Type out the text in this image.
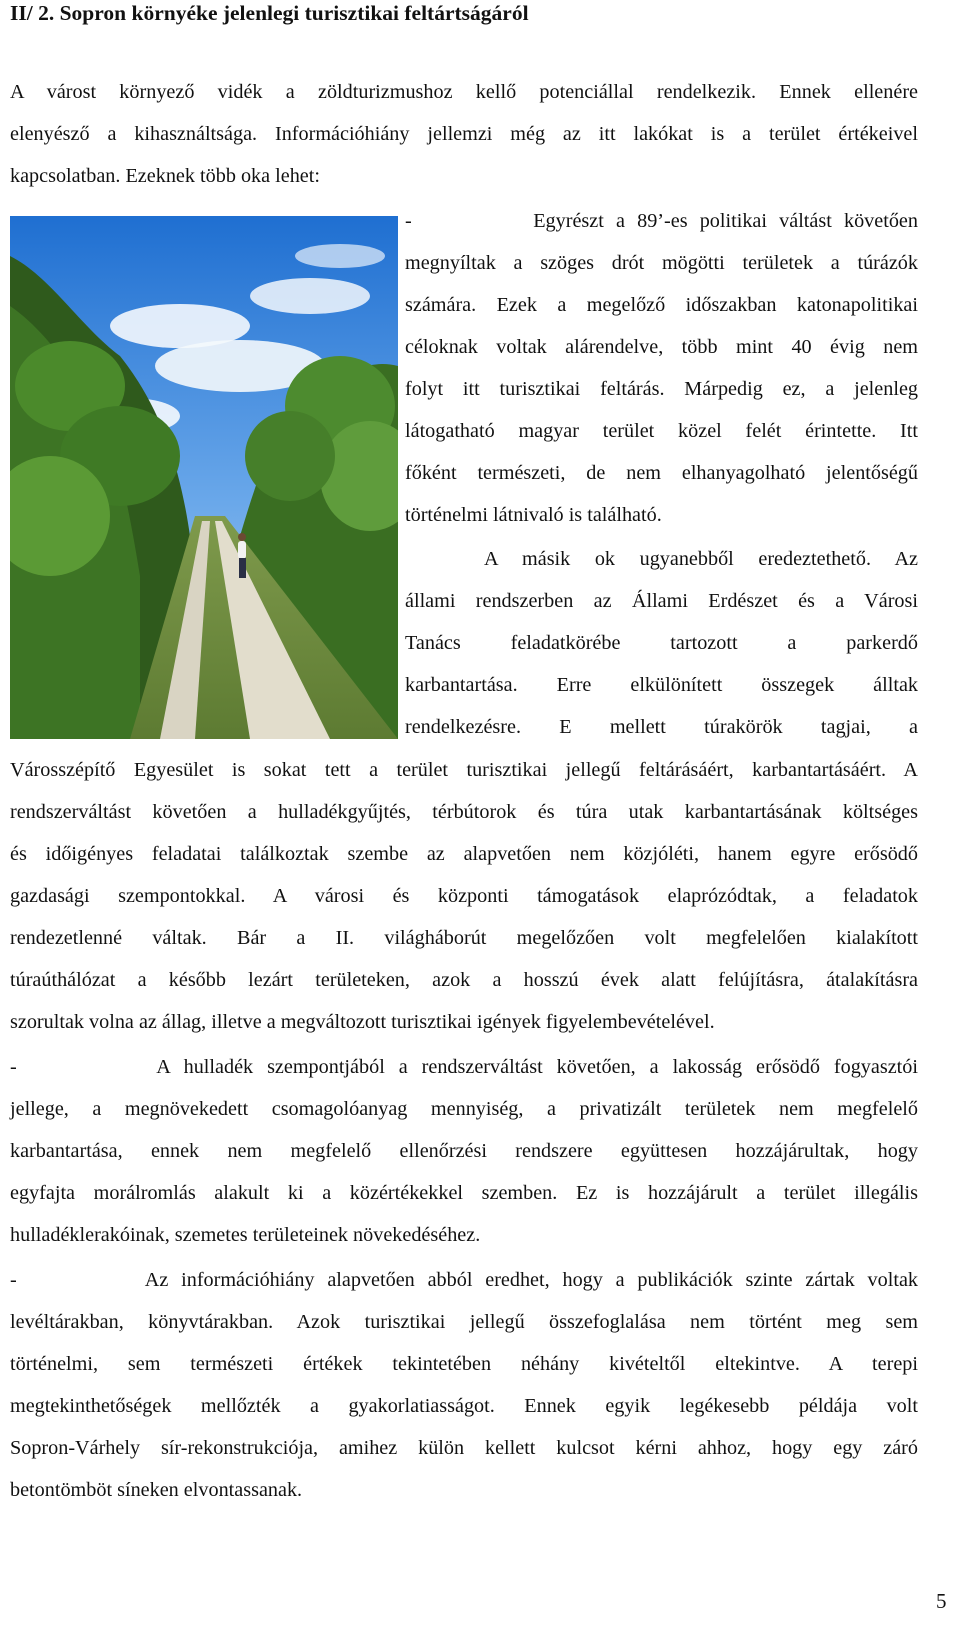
II/ 2. Sopron környéke jelenlegi turisztikai feltártságáról
A várost környező vidék a zöldturizmushoz kellő potenciállal rendelkezik. Ennek ellenére
elenyésző a kihasználtsága. Információhiány jellemzi még az itt lakókat is a terület értékeivel
kapcsolatban. Ezeknek több oka lehet:
-          Egyrészt a 89’-es politikai váltást követően
megnyíltak a szöges drót mögötti területek a túrázók
számára. Ezek a megelőző időszakban katonapolitikai
céloknak voltak alárendelve, több mint 40 évig nem
folyt itt turisztikai feltárás. Márpedig ez, a jelenleg
látogatható magyar terület közel felét érintette. Itt
főként természeti, de nem elhanyagolható jelentőségű
történelmi látnivaló is található.
A másik ok ugyanebből eredeztethető. Az
állami rendszerben az Állami Erdészet és a Városi
Tanács feladatkörébe tartozott a parkerdő
karbantartása. Erre elkülönített összegek álltak
rendelkezésre. E mellett túrakörök tagjai, a
Városszépítő Egyesület is sokat tett a terület turisztikai jellegű feltárásáért, karbantartásáért. A
rendszerváltást követően a hulladékgyűjtés, térbútorok és túra utak karbantartásának költséges
és időigényes feladatai találkoztak szembe az alapvetően nem közjóléti, hanem egyre erősödő
gazdasági szempontokkal. A városi és központi támogatások elaprózódtak, a feladatok
rendezetlenné váltak. Bár a II. világháborút megelőzően volt megfelelően kialakított
túraúthálózat a később lezárt területeken, azok a hosszú évek alatt felújításra, átalakításra
szorultak volna az állag, illetve a megváltozott turisztikai igények figyelembevételével.
-          A hulladék szempontjából a rendszerváltást követően, a lakosság erősödő fogyasztói
jellege, a megnövekedett csomagolóanyag mennyiség, a privatizált területek nem megfelelő
karbantartása, ennek nem megfelelő ellenőrzési rendszere együttesen hozzájárultak, hogy
egyfajta morálromlás alakult ki a közértékekkel szemben. Ez is hozzájárult a terület illegális
hulladéklerakóinak, szemetes területeinek növekedéséhez.
-          Az információhiány alapvetően abból eredhet, hogy a publikációk szinte zártak voltak
levéltárakban, könyvtárakban. Azok turisztikai jellegű összefoglalása nem történt meg sem
történelmi, sem természeti értékek tekintetében néhány kivételtől eltekintve. A terepi
megtekinthetőségek mellőzték a gyakorlatiasságot. Ennek egyik legékesebb példája volt
Sopron-Várhely sír-rekonstrukciója, amihez külön kellett kulcsot kérni ahhoz, hogy egy záró
betontömböt síneken elvontassanak.
5
